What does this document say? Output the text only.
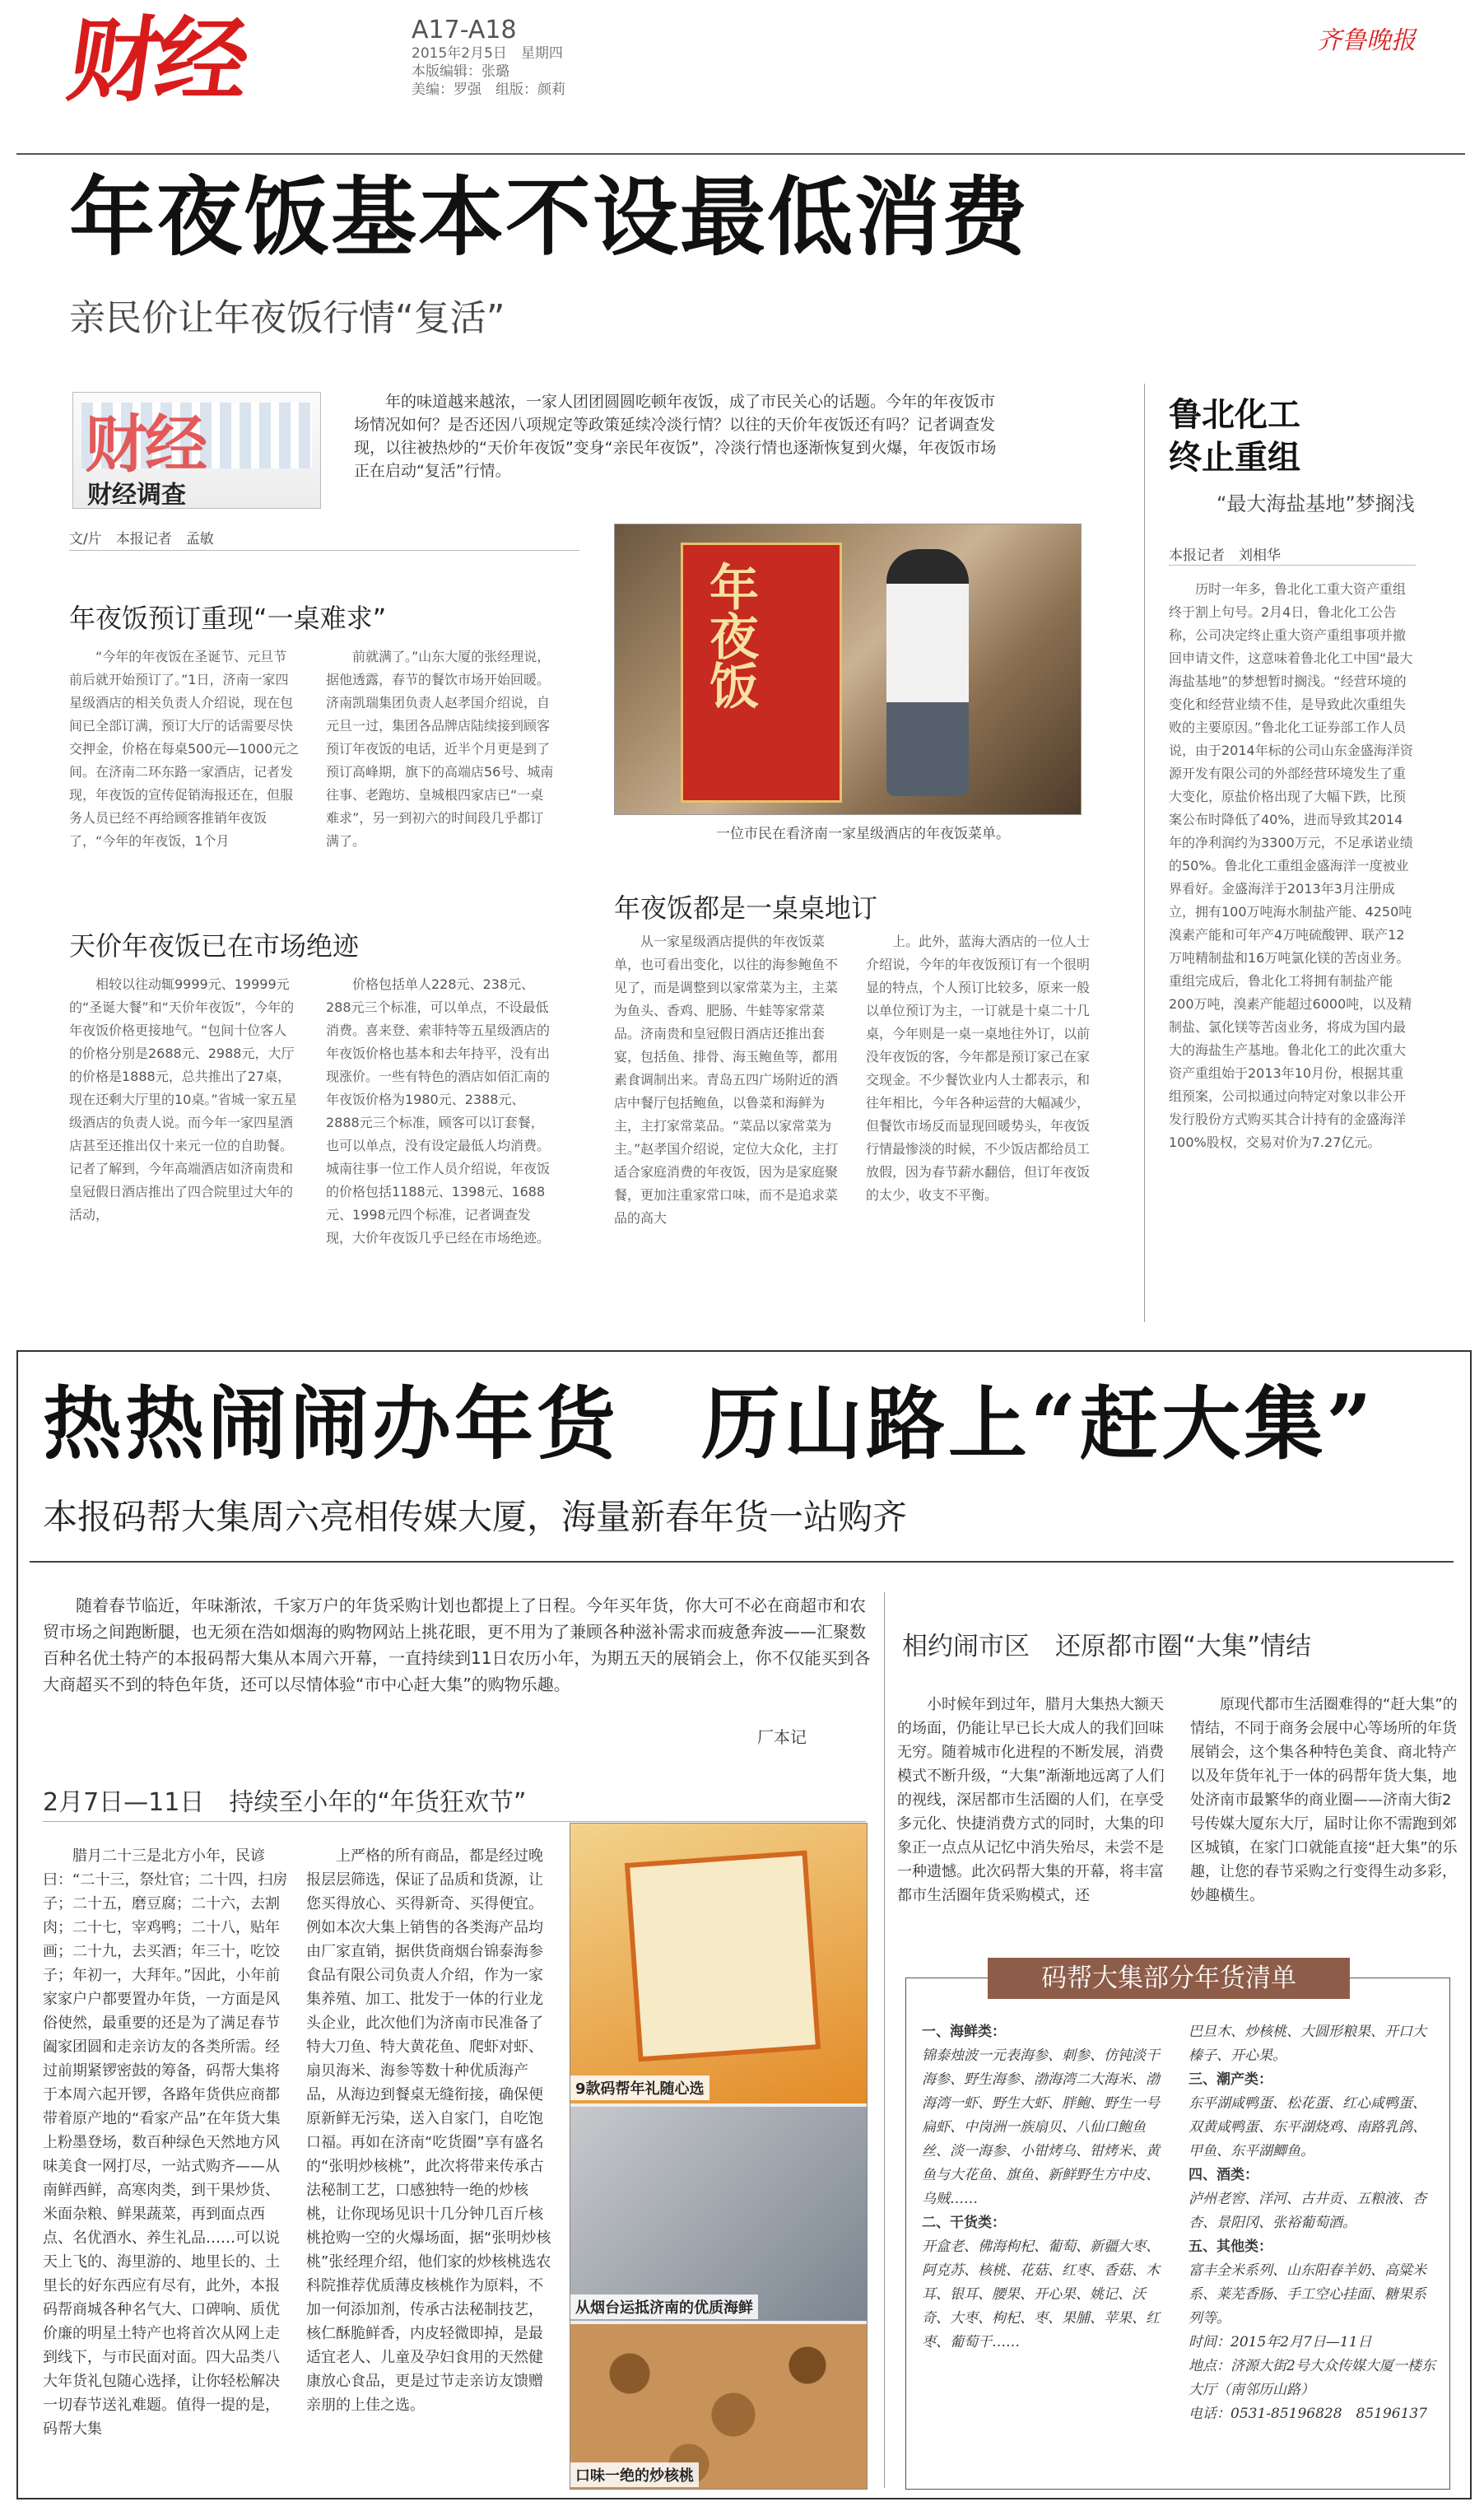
财经	A17-A18
2015年2月5日　星期四
本版编辑：张璐
美编：罗强　组版：颜莉
齐鲁晚报
年夜饭基本不设最低消费
亲民价让年夜饭行情“复活”
财经
财经调查
年的味道越来越浓，一家人团团圆圆吃顿年夜饭，成了市民关心的话题。今年的年夜饭市场情况如何？是否还因八项规定等政策延续冷淡行情？以往的天价年夜饭还有吗？记者调查发现，以往被热炒的“天价年夜饭”变身“亲民年夜饭”，冷淡行情也逐渐恢复到火爆，年夜饭市场正在启动“复活”行情。
文/片　本报记者　孟敏
年夜饭预订重现“一桌难求”
“今年的年夜饭在圣诞节、元旦节前后就开始预订了。”1日，济南一家四星级酒店的相关负责人介绍说，现在包间已全部订满，预订大厅的话需要尽快交押金，价格在每桌500元—1000元之间。在济南二环东路一家酒店，记者发现，年夜饭的宣传促销海报还在，但服务人员已经不再给顾客推销年夜饭了，“今年的年夜饭，1个月
前就满了。”山东大厦的张经理说，据他透露，春节的餐饮市场开始回暖。济南凯瑞集团负责人赵孝国介绍说，自元旦一过，集团各品牌店陆续接到顾客预订年夜饭的电话，近半个月更是到了预订高峰期，旗下的高端店56号、城南往事、老跑坊、皇城根四家店已“一桌难求”，另一到初六的时间段几乎都订满了。
天价年夜饭已在市场绝迹
相较以往动辄9999元、19999元的“圣诞大餐”和“天价年夜饭”，今年的年夜饭价格更接地气。“包间十位客人的价格分别是2688元、2988元，大厅的价格是1888元，总共推出了27桌，现在还剩大厅里的10桌。”省城一家五星级酒店的负责人说。而今年一家四星酒店甚至还推出仅十来元一位的自助餐。记者了解到，今年高端酒店如济南贵和皇冠假日酒店推出了四合院里过大年的活动，
价格包括单人228元、238元、288元三个标准，可以单点，不设最低消费。喜来登、索菲特等五星级酒店的年夜饭价格也基本和去年持平，没有出现涨价。一些有特色的酒店如佰汇南的年夜饭价格为1980元、2388元、2888元三个标准，顾客可以订套餐，也可以单点，没有设定最低人均消费。城南往事一位工作人员介绍说，年夜饭的价格包括1188元、1398元、1688元、1998元四个标准，记者调查发现，大价年夜饭几乎已经在市场绝迹。
年夜饭
一位市民在看济南一家星级酒店的年夜饭菜单。
年夜饭都是一桌桌地订
从一家星级酒店提供的年夜饭菜单，也可看出变化，以往的海参鲍鱼不见了，而是调整到以家常菜为主，主菜为鱼头、香鸡、肥肠、牛蛙等家常菜品。济南贵和皇冠假日酒店还推出套宴，包括鱼、排骨、海玉鲍鱼等，都用素食调制出来。青岛五四广场附近的酒店中餐厅包括鲍鱼，以鲁菜和海鲜为主，主打家常菜品。“菜品以家常菜为主。”赵孝国介绍说，定位大众化，主打适合家庭消费的年夜饭，因为是家庭聚餐，更加注重家常口味，而不是追求菜品的高大
上。此外，蓝海大酒店的一位人士介绍说，今年的年夜饭预订有一个很明显的特点，个人预订比较多，原来一般以单位预订为主，一订就是十桌二十几桌，今年则是一桌一桌地往外订，以前没年夜饭的客，今年都是预订家己在家交现金。不少餐饮业内人士都表示，和往年相比，今年各种运营的大幅减少，但餐饮市场反而显现回暖势头，年夜饭行情最惨淡的时候，不少饭店都给员工放假，因为春节薪水翻倍，但订年夜饭的太少，收支不平衡。
鲁北化工
终止重组
“最大海盐基地”梦搁浅
本报记者　刘相华
历时一年多，鲁北化工重大资产重组终于割上句号。2月4日，鲁北化工公告称，公司决定终止重大资产重组事项并撤回申请文件，这意味着鲁北化工中国“最大海盐基地”的梦想暂时搁浅。“经营环境的变化和经营业绩不佳，是导致此次重组失败的主要原因。”鲁北化工证券部工作人员说，由于2014年标的公司山东金盛海洋资源开发有限公司的外部经营环境发生了重大变化，原盐价格出现了大幅下跌，比预案公布时降低了40%，进而导致其2014年的净利润约为3300万元，不足承诺业绩的50%。鲁北化工重组金盛海洋一度被业界看好。金盛海洋于2013年3月注册成立，拥有100万吨海水制盐产能、4250吨溴素产能和可年产4万吨硫酸钾、联产12万吨精制盐和16万吨氯化镁的苦卤业务。重组完成后，鲁北化工将拥有制盐产能200万吨，溴素产能超过6000吨，以及精制盐、氯化镁等苦卤业务，将成为国内最大的海盐生产基地。鲁北化工的此次重大资产重组始于2013年10月份，根据其重组预案，公司拟通过向特定对象以非公开发行股份方式购买其合计持有的金盛海洋100%股权，交易对价为7.27亿元。
热热闹闹办年货　历山路上“赶大集”
本报码帮大集周六亮相传媒大厦，海量新春年货一站购齐
随着春节临近，年味渐浓，千家万户的年货采购计划也都提上了日程。今年买年货，你大可不必在商超市和农贸市场之间跑断腿，也无须在浩如烟海的购物网站上挑花眼，更不用为了兼顾各种滋补需求而疲惫奔波——汇聚数百种名优土特产的本报码帮大集从本周六开幕，一直持续到11日农历小年，为期五天的展销会上，你不仅能买到各大商超买不到的特色年货，还可以尽情体验“市中心赶大集”的购物乐趣。
厂本记
2月7日—11日　持续至小年的“年货狂欢节”
腊月二十三是北方小年，民谚曰：“二十三，祭灶官；二十四，扫房子；二十五，磨豆腐；二十六，去割肉；二十七，宰鸡鸭；二十八，贴年画；二十九，去买酒；年三十，吃饺子；年初一，大拜年。”因此，小年前家家户户都要置办年货，一方面是风俗使然，最重要的还是为了满足春节阖家团圆和走亲访友的各类所需。经过前期紧锣密鼓的筹备，码帮大集将于本周六起开锣，各路年货供应商都带着原产地的“看家产品”在年货大集上粉墨登场，数百种绿色天然地方风味美食一网打尽，一站式购齐——从南鲜西鲜，高寒肉类，到干果炒货、米面杂粮、鲜果蔬菜，再到面点西点、名优酒水、养生礼品……可以说天上飞的、海里游的、地里长的、土里长的好东西应有尽有，此外，本报码帮商城各种名气大、口碑响、质优价廉的明星土特产也将首次从网上走到线下，与市民面对面。四大品类八大年货礼包随心选择，让你轻松解决一切春节送礼难题。值得一提的是，码帮大集
上严格的所有商品，都是经过晚报层层筛选，保证了品质和货源，让您买得放心、买得新奇、买得便宜。例如本次大集上销售的各类海产品均由厂家直销，据供货商烟台锦泰海参食品有限公司负责人介绍，作为一家集养殖、加工、批发于一体的行业龙头企业，此次他们为济南市民准备了特大刀鱼、特大黄花鱼、爬虾对虾、扇贝海米、海参等数十种优质海产品，从海边到餐桌无缝衔接，确保便原新鲜无污染，送入自家门，自吃饱口福。再如在济南“吃货圈”享有盛名的“张明炒核桃”，此次将带来传承古法秘制工艺，口感独特一绝的炒核桃，让你现场见识十几分钟几百斤核桃抢购一空的火爆场面，据“张明炒核桃”张经理介绍，他们家的炒核桃选农科院推荐优质薄皮核桃作为原料，不加一何添加剂，传承古法秘制技艺，核仁酥脆鲜香，内皮轻微即掉，是最适宜老人、儿童及孕妇食用的天然健康放心食品，更是过节走亲访友馈赠亲朋的上佳之选。
9款码帮年礼随心选
从烟台运抵济南的优质海鲜
口味一绝的炒核桃
相约闹市区　还原都市圈“大集”情结
小时候年到过年，腊月大集热大额天的场面，仍能让早已长大成人的我们回味无穷。随着城市化进程的不断发展，消费模式不断升级，“大集”渐渐地远离了人们的视线，深居都市生活圈的人们，在享受多元化、快捷消费方式的同时，大集的印象正一点点从记忆中消失殆尽，未尝不是一种遗憾。此次码帮大集的开幕，将丰富都市生活圈年货采购模式，还
原现代都市生活圈难得的“赶大集”的情结，不同于商务会展中心等场所的年货展销会，这个集各种特色美食、商北特产以及年货年礼于一体的码帮年货大集，地处济南市最繁华的商业圈——济南大街2号传媒大厦东大厅，届时让你不需跑到郊区城镇，在家门口就能直接“赶大集”的乐趣，让您的春节采购之行变得生动多彩，妙趣横生。
码帮大集部分年货清单
一、海鲜类：
锦泰烛波一元表海参、刺参、仿钝淡干海参、野生海参、渤海湾二大海米、渤海湾一虾、野生大虾、胖鲍、野生一号扁虾、中岗洲一族扇贝、八仙口鲍鱼丝、淡一海参、小钳烤乌、钳烤米、黄鱼与大花鱼、旗鱼、新鲜野生方中皮、乌贼……
二、干货类：
开盒老、佛海枸杞、葡萄、新疆大枣、阿克苏、核桃、花菇、红枣、香菇、木耳、银耳、腰果、开心果、姚记、沃奇、大枣、枸杞、枣、果脯、苹果、红枣、葡萄干……
巴旦木、炒核桃、大圆形粮果、开口大榛子、开心果。
三、潮产类：
东平湖咸鸭蛋、松花蛋、红心咸鸭蛋、双黄咸鸭蛋、东平湖烧鸡、南路乳鸽、甲鱼、东平湖鲫鱼。
四、酒类：
泸州老窖、洋河、古井贡、五粮液、杏杏、景阳冈、张裕葡萄酒。
五、其他类：
富丰全米系列、山东阳春羊奶、高粱米系、莱芜香肠、手工空心挂面、糖果系列等。
时间：2015年2月7日—11日
地点：济源大街2号大众传媒大厦一楼东大厅（南邻历山路）
电话：0531-85196828　85196137
